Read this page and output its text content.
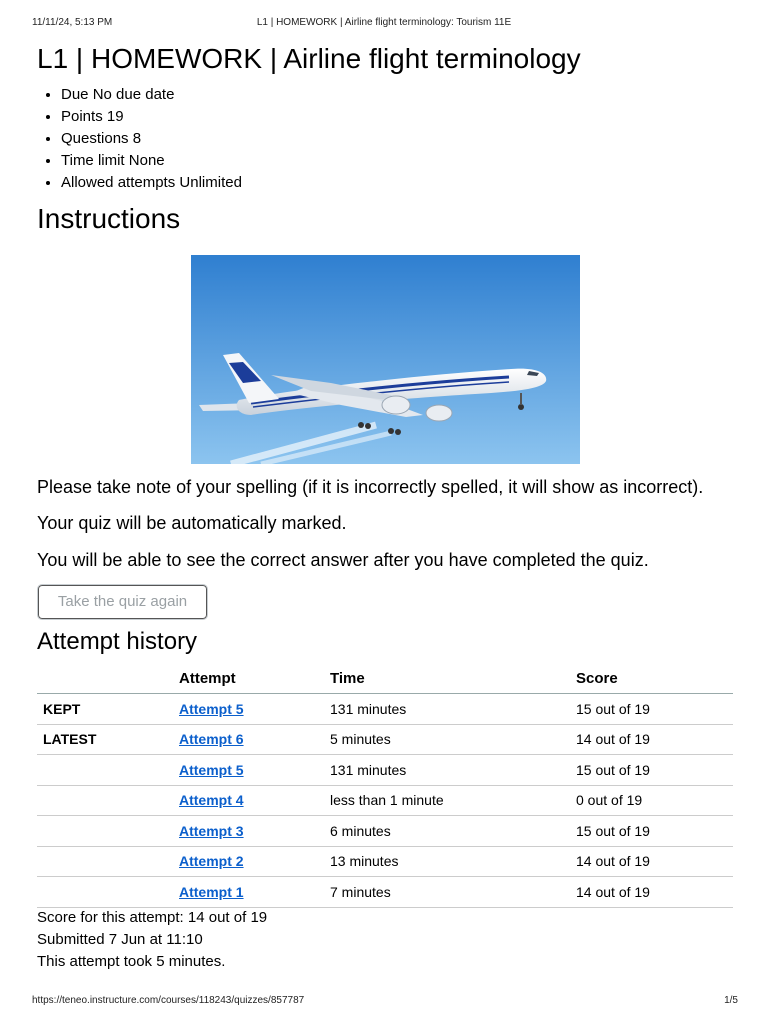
11/11/24, 5:13 PM	L1 | HOMEWORK | Airline flight terminology: Tourism 11E
L1 | HOMEWORK | Airline flight terminology
• Due No due date
• Points 19
• Questions 8
• Time limit None
• Allowed attempts Unlimited
Instructions

Please take note of your spelling (if it is incorrectly spelled, it will show as incorrect).

Your quiz will be automatically marked.

You will be able to see the correct answer after you have completed the quiz.

Take the quiz again
Attempt history
	Attempt	Time	Score
KEPT	Attempt 5	131 minutes	15 out of 19
LATEST	Attempt 6	5 minutes	14 out of 19
	Attempt 5	131 minutes	15 out of 19
	Attempt 4	less than 1 minute	0 out of 19
	Attempt 3	6 minutes	15 out of 19
	Attempt 2	13 minutes	14 out of 19
	Attempt 1	7 minutes	14 out of 19
Score for this attempt: 14 out of 19
Submitted 7 Jun at 11:10
This attempt took 5 minutes.
https://teneo.instructure.com/courses/118243/quizzes/857787	1/5
